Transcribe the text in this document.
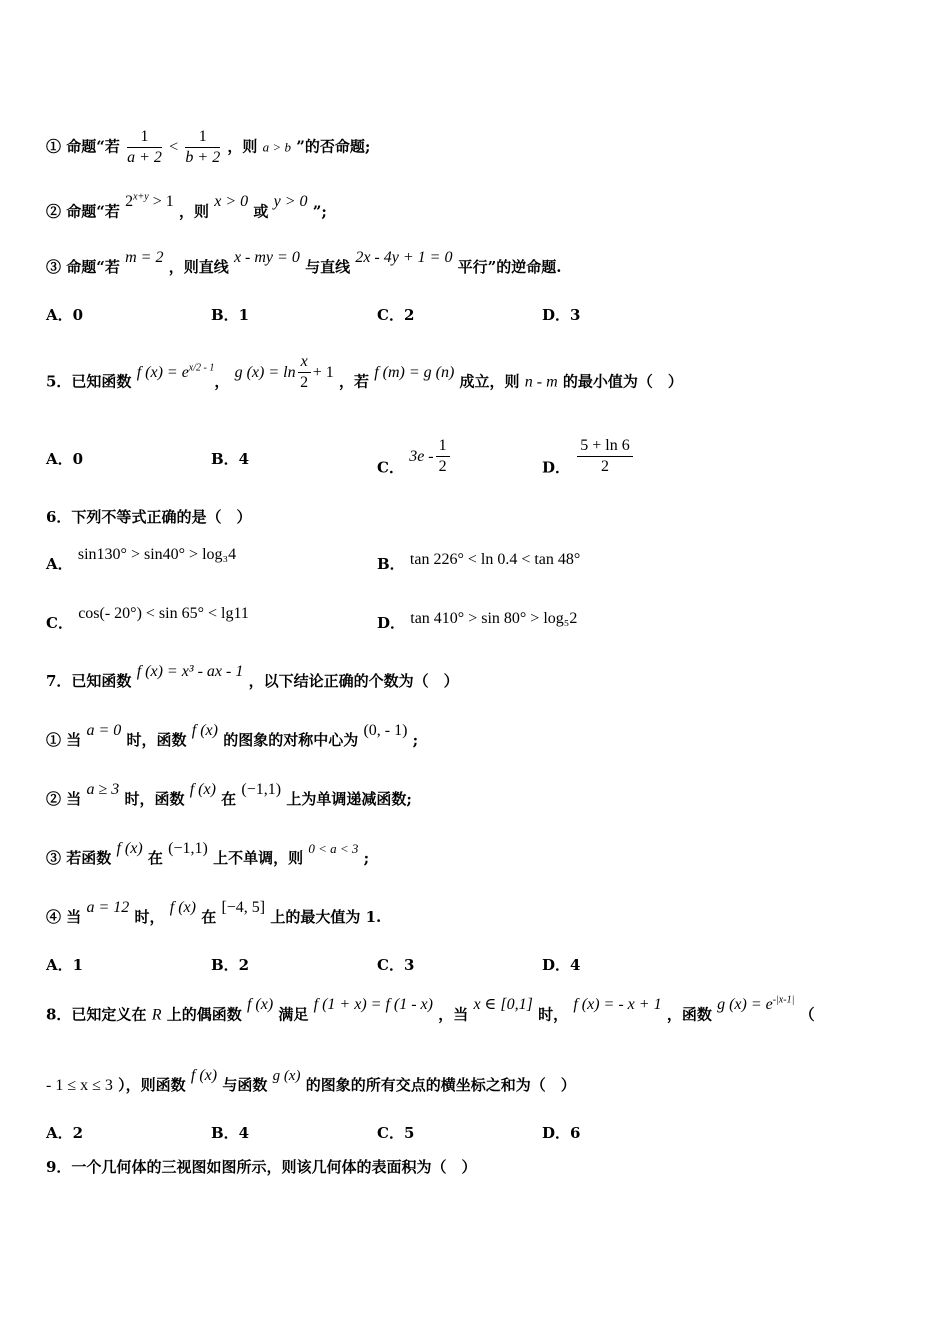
① 命题“若 $\frac{1}{a + 2} < \frac{1}{b + 2}$ ，则 a > b ”的否命题;
② 命题“若 $2^{x+y} > 1$ ，则 x > 0 或 y > 0 ”;
③ 命题“若 m = 2 ，则直线 x - my = 0 与直线 2x - 4y + 1 = 0 平行”的逆命题.
A．0	B．1	C．2	D．3
5．已知函数 f $(x) = e^{x/2 - 1}$， g $(x) = \ln \frac{x}{2} + 1$ ，若 f (m) = g (n) 成立，则 n - m 的最小值为（　）
A．0	B．4	C． $3e - \frac{1}{2}$	D． $\frac{5 + \ln 6}{2}$
6．下列不等式正确的是（　）
A． sin130° > sin40° > log₃4
B． tan 226° < ln 0.4 < tan 48°
C． cos(- 20°) < sin 65° < lg11
D． tan 410° > sin 80° > log₅2
7．已知函数 f (x) = x³ - ax - 1 ，以下结论正确的个数为（　）
① 当 a = 0 时，函数 f (x) 的图象的对称中心为 (0, - 1) ;
② 当 a ≥ 3 时，函数 f (x) 在 (−1,1) 上为单调递减函数;
③ 若函数 f (x) 在 (−1,1) 上不单调，则 0 < a < 3 ;
④ 当 a = 12 时， f (x) 在 [−4, 5] 上的最大值为 1.
A．1	B．2	C．3	D．4
8．已知定义在 R 上的偶函数 f (x) 满足 f (1 + x) = f (1 - x) ，当 x ∈ [0,1] 时， f (x) = - x + 1 ，函数 g $(x) = e^{-|x-1|}$ （
- 1 ≤ x ≤ 3 ），则函数 f (x) 与函数 g (x) 的图象的所有交点的横坐标之和为（　）
A．2	B．4	C．5	D．6
9．一个几何体的三视图如图所示，则该几何体的表面积为（　）
